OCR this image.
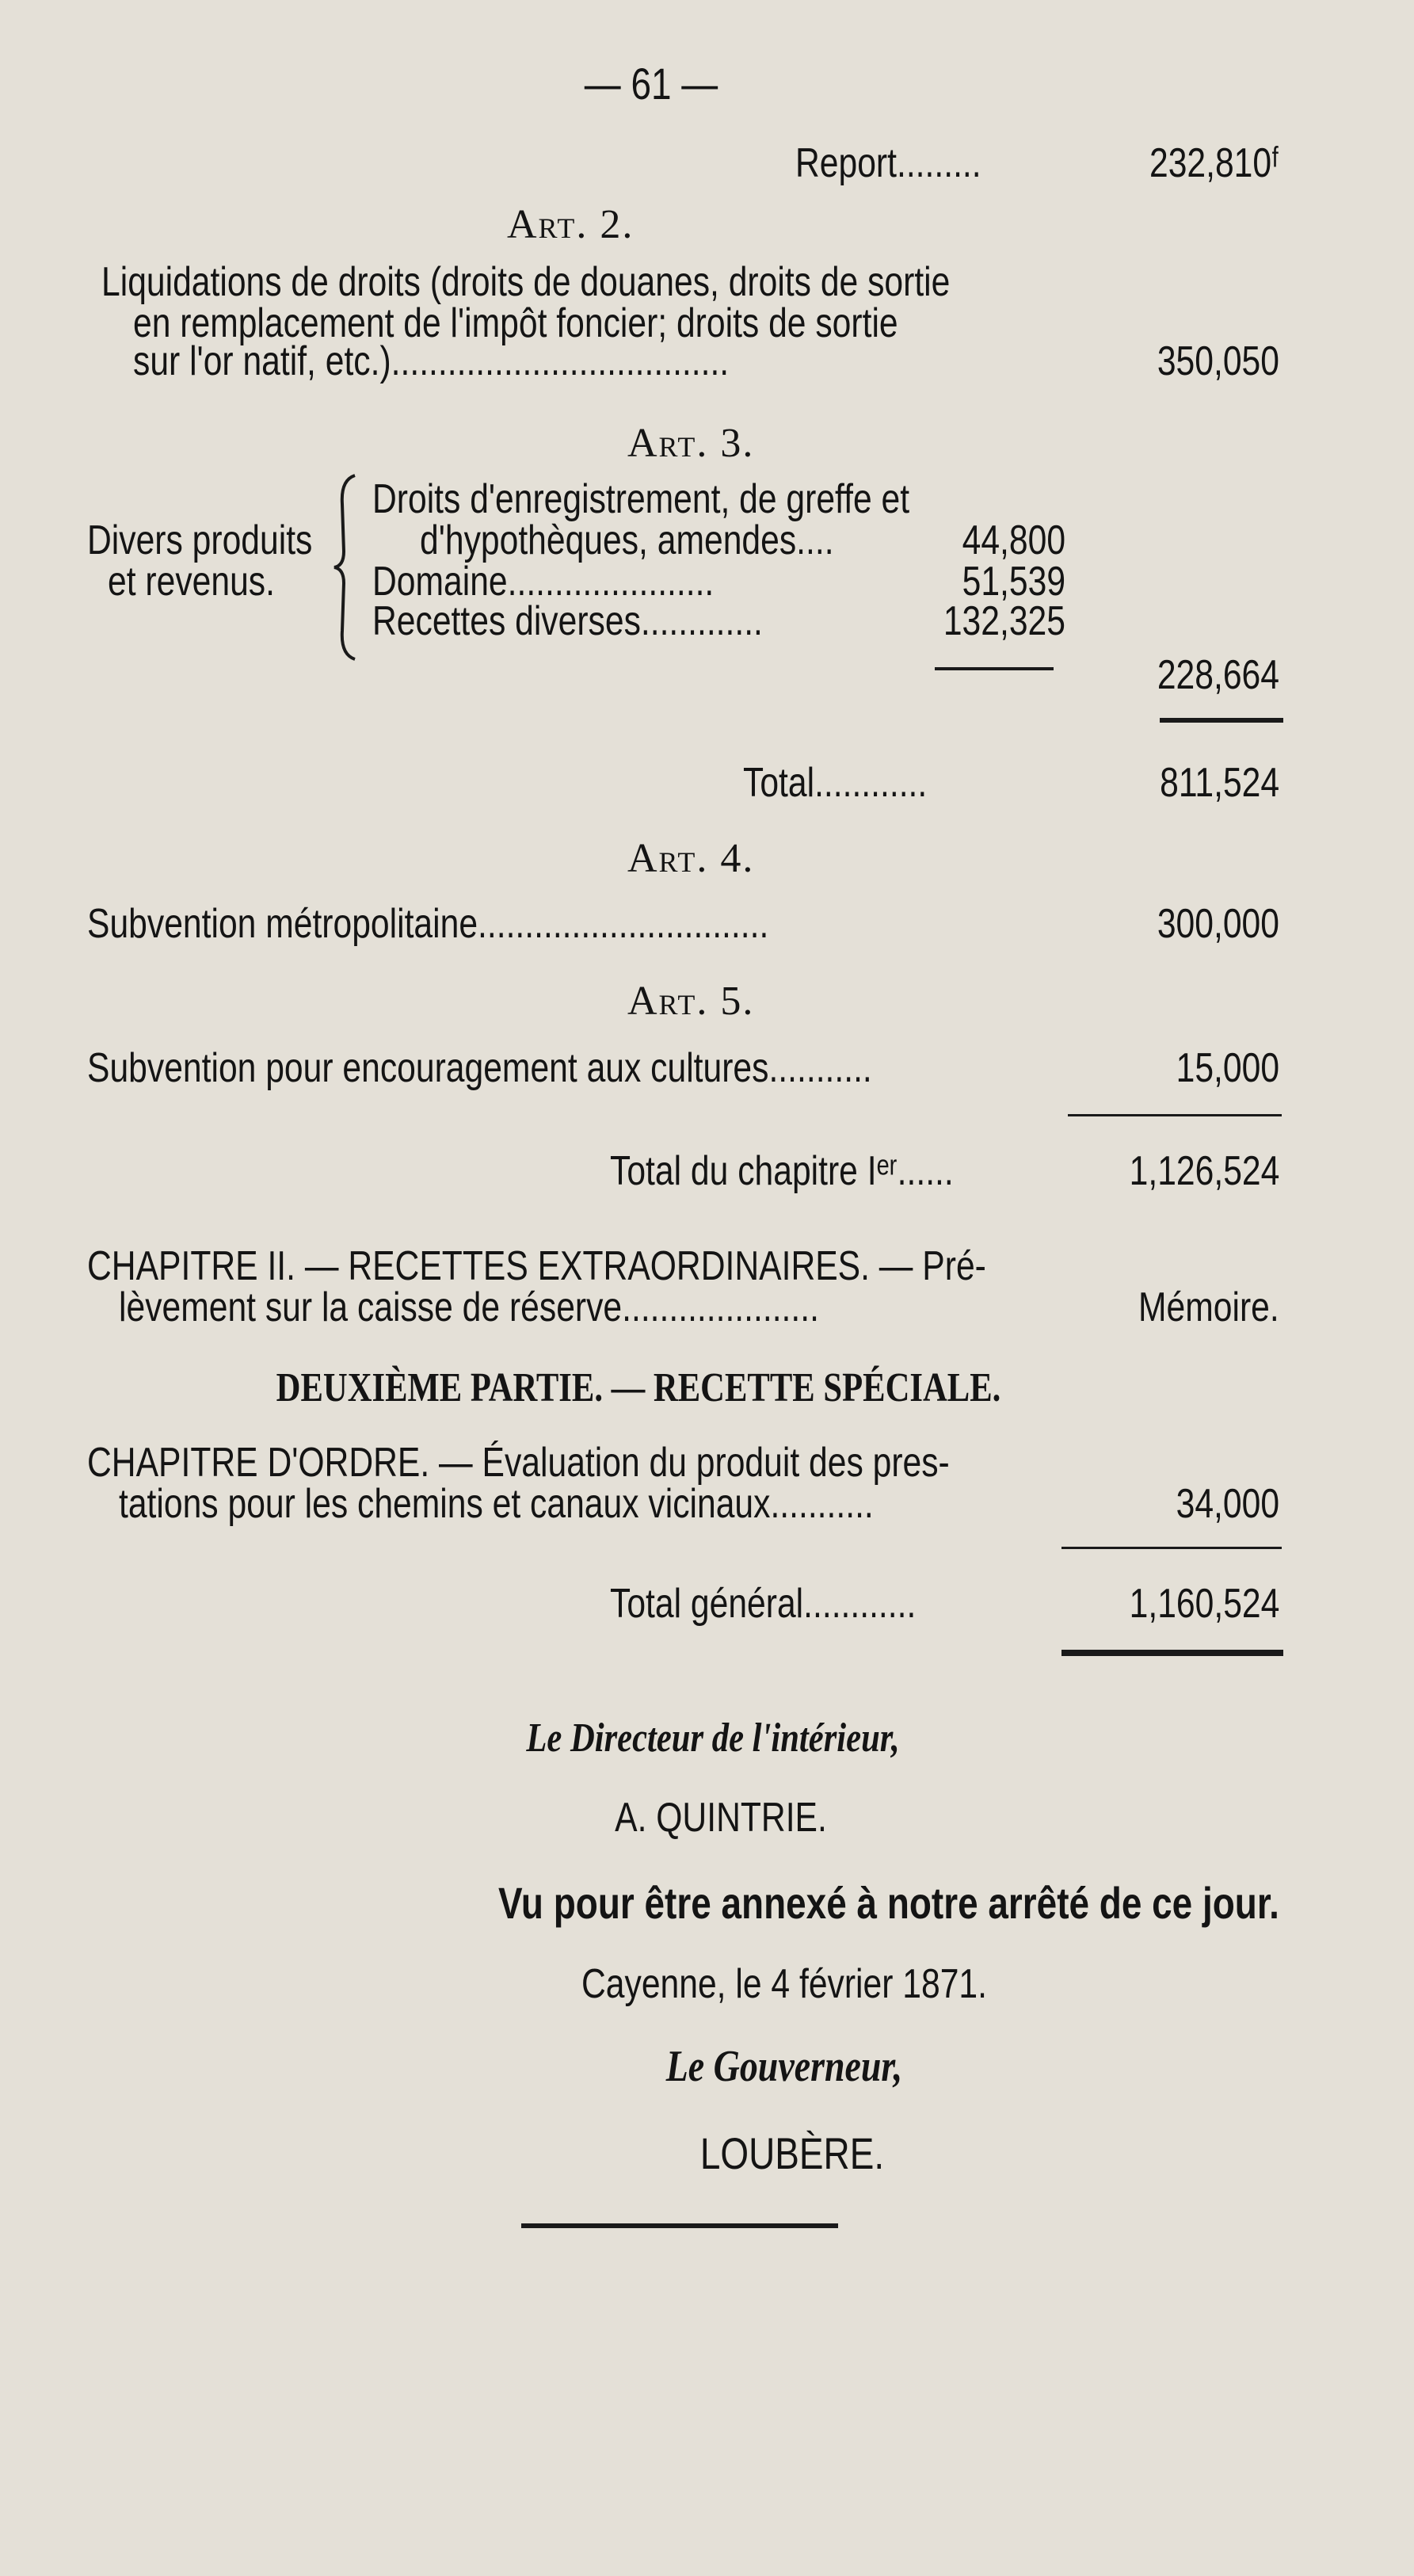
— 61 —
Report.........	232,810ᶠ
Art. 2.
Liquidations de droits (droits de douanes, droits de sortie
en remplacement de l'impôt foncier; droits de sortie
sur l'or natif, etc.)....................................	350,050
Art. 3.
Divers produits
et revenus.
Droits d'enregistrement, de greffe et
d'hypothèques, amendes....	44,800
Domaine......................	51,539
Recettes diverses.............	132,325
228,664
Total............	811,524
Art. 4.
Subvention métropolitaine...............................	300,000
Art. 5.
Subvention pour encouragement aux cultures...........	15,000
Total du chapitre Iᵉʳ......	1,126,524
CHAPITRE II. — RECETTES EXTRAORDINAIRES. — Pré-
lèvement sur la caisse de réserve.....................	Mémoire.
DEUXIÈME PARTIE. — RECETTE SPÉCIALE.
CHAPITRE D'ORDRE. — Évaluation du produit des pres-
tations pour les chemins et canaux vicinaux...........	34,000
Total général............	1,160,524
Le Directeur de l'intérieur,
A. QUINTRIE.
Vu pour être annexé à notre arrêté de ce jour.
Cayenne, le 4 février 1871.
Le Gouverneur,
LOUBÈRE.
